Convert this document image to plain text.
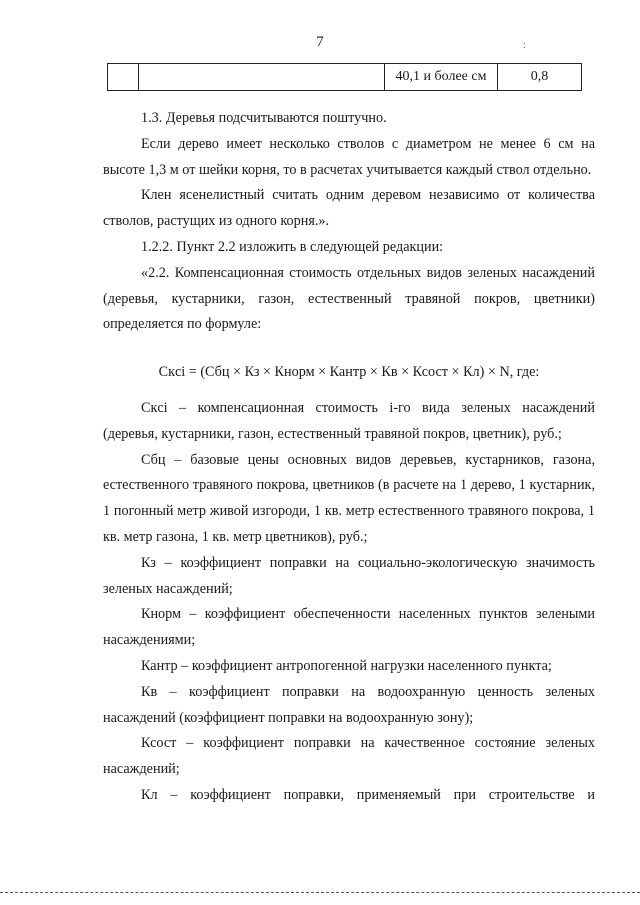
7	:
		40,1 и более см	0,8

1.3. Деревья подсчитываются поштучно.

Если дерево имеет несколько стволов с диаметром не менее 6 см на высоте 1,3 м от шейки корня, то в расчетах учитывается каждый ствол отдельно.

Клен ясенелистный считать одним деревом независимо от количества стволов, растущих из одного корня.».

1.2.2. Пункт 2.2 изложить в следующей редакции:

«2.2. Компенсационная стоимость отдельных видов зеленых насаждений (деревья, кустарники, газон, естественный травяной покров, цветники) определяется по формуле:

Скci = (Сбц × Кз × Кнорм × Кантр × Кв × Ксост × Кл) × N, где:

Скci – компенсационная стоимость i-го вида зеленых насаждений (деревья, кустарники, газон, естественный травяной покров, цветник), руб.;

Сбц – базовые цены основных видов деревьев, кустарников, газона, естественного травяного покрова, цветников (в расчете на 1 дерево, 1 кустарник, 1 погонный метр живой изгороди, 1 кв. метр естественного травяного покрова, 1 кв. метр газона, 1 кв. метр цветников), руб.;

Кз – коэффициент поправки на социально-экологическую значимость зеленых насаждений;

Кнорм – коэффициент обеспеченности населенных пунктов зелеными насаждениями;

Кантр – коэффициент антропогенной нагрузки населенного пункта;

Кв – коэффициент поправки на водоохранную ценность зеленых насаждений (коэффициент поправки на водоохранную зону);

Ксост – коэффициент поправки на качественное состояние зеленых насаждений;

Кл – коэффициент поправки, применяемый при строительстве и
